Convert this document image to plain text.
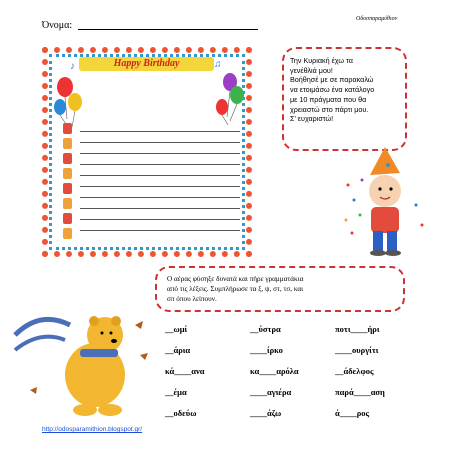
Όνομα:
Οδοσπαραμύθιον
Happy Birthday
♪	♫	Την Κυριακή έχω τα
γενέθλιά μου!
Βοήθησέ με σε παρακαλώ
να ετοιμάσω ένα κατάλογο
με 10 πράγματα που θα
χρειαστώ στο πάρτι μου.
Σ' ευχαριστώ!
Ο αέρας φύσηξε δυνατά και πήρε γραμματάκια
από τις λέξεις. Συμπλήρωσε τα ξ, ψ, στ, τσ, και
σπ όπου λείπουν.
__ωμί	__ύστρα	ποτι____ήρι
__άρια	____ίρκο	____ουργίτι
κά____ανα	κα____αρόλα	__άδελφος
__έμα	____αγιέρα	παρά____αση
__οδεύω	____άζω	ά____ρος
http://odosparamithion.blogspot.gr/
